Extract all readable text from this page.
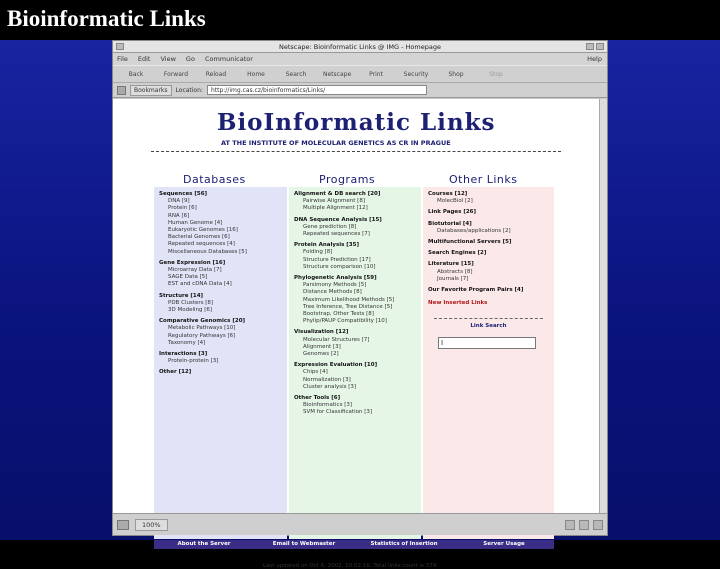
Bioinformatic Links
Netscape: BioInformatic Links @ IMG - Homepage
File Edit View Go Communicator	Help
Back	Forward	Reload	Home	Search	Netscape	Print	Security	Shop	Stop
Bookmarks	Location:	http://img.cas.cz/bioinformatics/Links/
BioInformatic Links
AT THE INSTITUTE OF MOLECULAR GENETICS AS CR IN PRAGUE
Databases	Programs	Other Links
Sequences [56]
DNA [9]
Protein [6]
RNA [6]
Human Genome [4]
Eukaryotic Genomes [16]
Bacterial Genomes [6]
Repeated sequences [4]
Miscellaneous Databases [5]
Gene Expression [16]
Microarray Data [7]
SAGE Data [5]
EST and cDNA Data [4]
Structure [14]
PDB Clusters [8]
3D Modeling [6]
Comparative Genomics [20]
Metabolic Pathways [10]
Regulatory Pathways [6]
Taxonomy [4]
Interactions [3]
Protein-protein [3]
Other [12]
Alignment & DB search [20]
Pairwise Alignment [8]
Multiple Alignment [12]
DNA Sequence Analysis [15]
Gene prediction [8]
Repeated sequences [7]
Protein Analysis [35]
Folding [8]
Structure Prediction [17]
Structure comparison [10]
Phylogenetic Analysis [59]
Parsimony Methods [5]
Distance Methods [8]
Maximum Likelihood Methods [5]
Tree Inference, Tree Distance [5]
Bootstrap, Other Tests [8]
Phylip/PAUP Compatibility [10]
Visualization [12]
Molecular Structures [7]
Alignment [3]
Genomes [2]
Expression Evaluation [10]
Chips [4]
Normalization [3]
Cluster analysis [3]
Other Tools [6]
Bioinformatics [3]
SVM for Classification [3]
Courses [12]
MolecBiol [2]
Link Pages [26]
Biotutorial [4]
Databases/applications [2]
Multifunctional Servers [5]
Search Engines [2]
Literature [15]
Abstracts [8]
Journals [7]
Our Favorite Program Pairs [4]
New Inserted Links
Link Search
I
About the Server	Email to Webmaster	Statistics of Insertion	Server Usage
Last updated on Oct 6, 2002, 10:02:16. Total links count is 379.
100%
